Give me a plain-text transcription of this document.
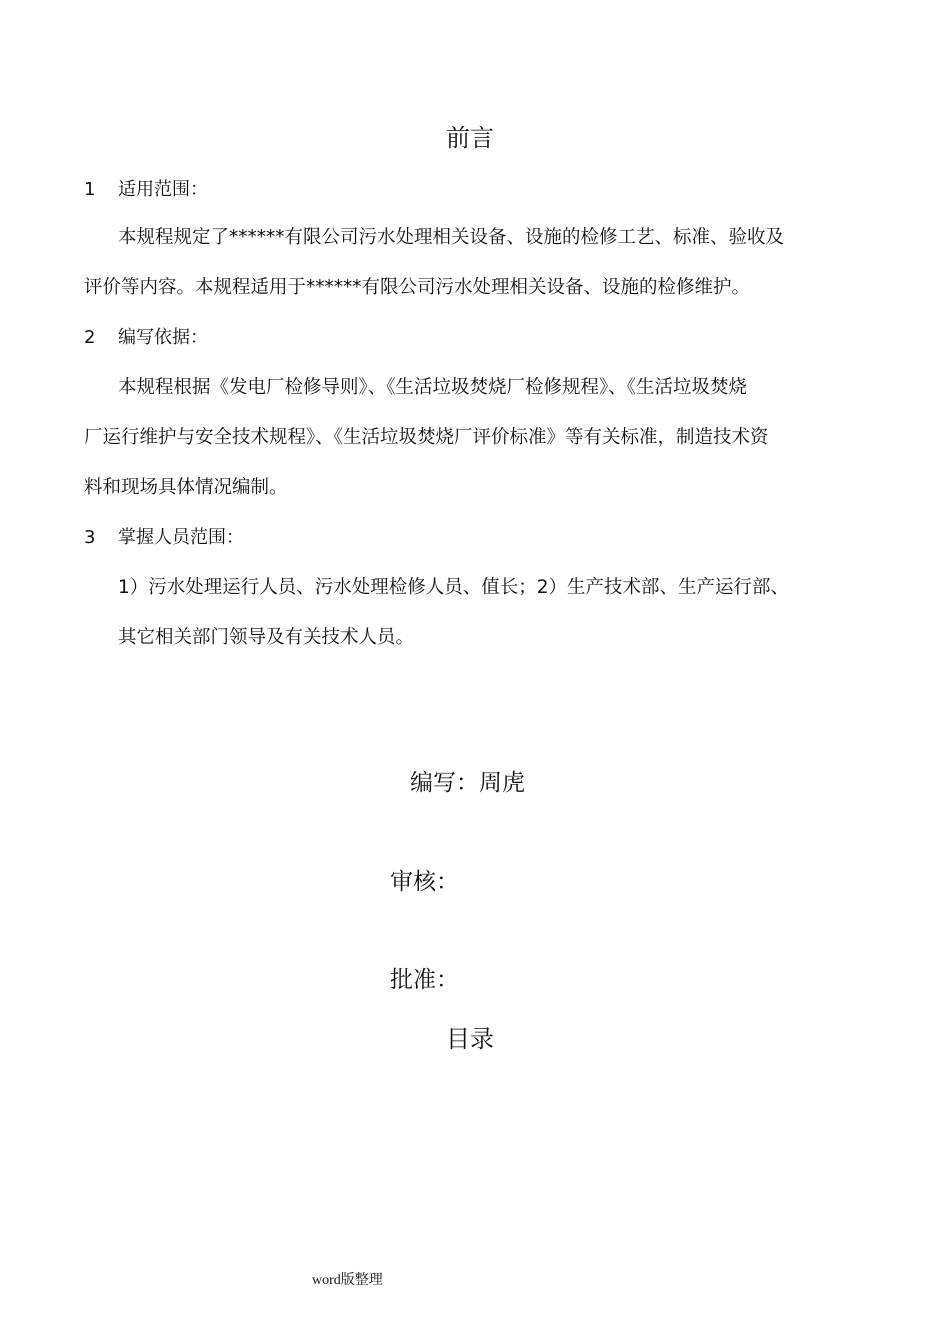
前言
1 适用范围：
本规程规定了******有限公司污水处理相关设备、设施的检修工艺、标准、验收及
评价等内容。本规程适用于******有限公司污水处理相关设备、设施的检修维护。
2 编写依据：
本规程根据《发电厂检修导则》、《生活垃圾焚烧厂检修规程》、《生活垃圾焚烧
厂运行维护与安全技术规程》、《生活垃圾焚烧厂评价标准》等有关标准，制造技术资
料和现场具体情况编制。
3 掌握人员范围：
1）污水处理运行人员、污水处理检修人员、值长；2）生产技术部、生产运行部、
其它相关部门领导及有关技术人员。
编写：周虎
审核：
批准：
目录
word版整理
